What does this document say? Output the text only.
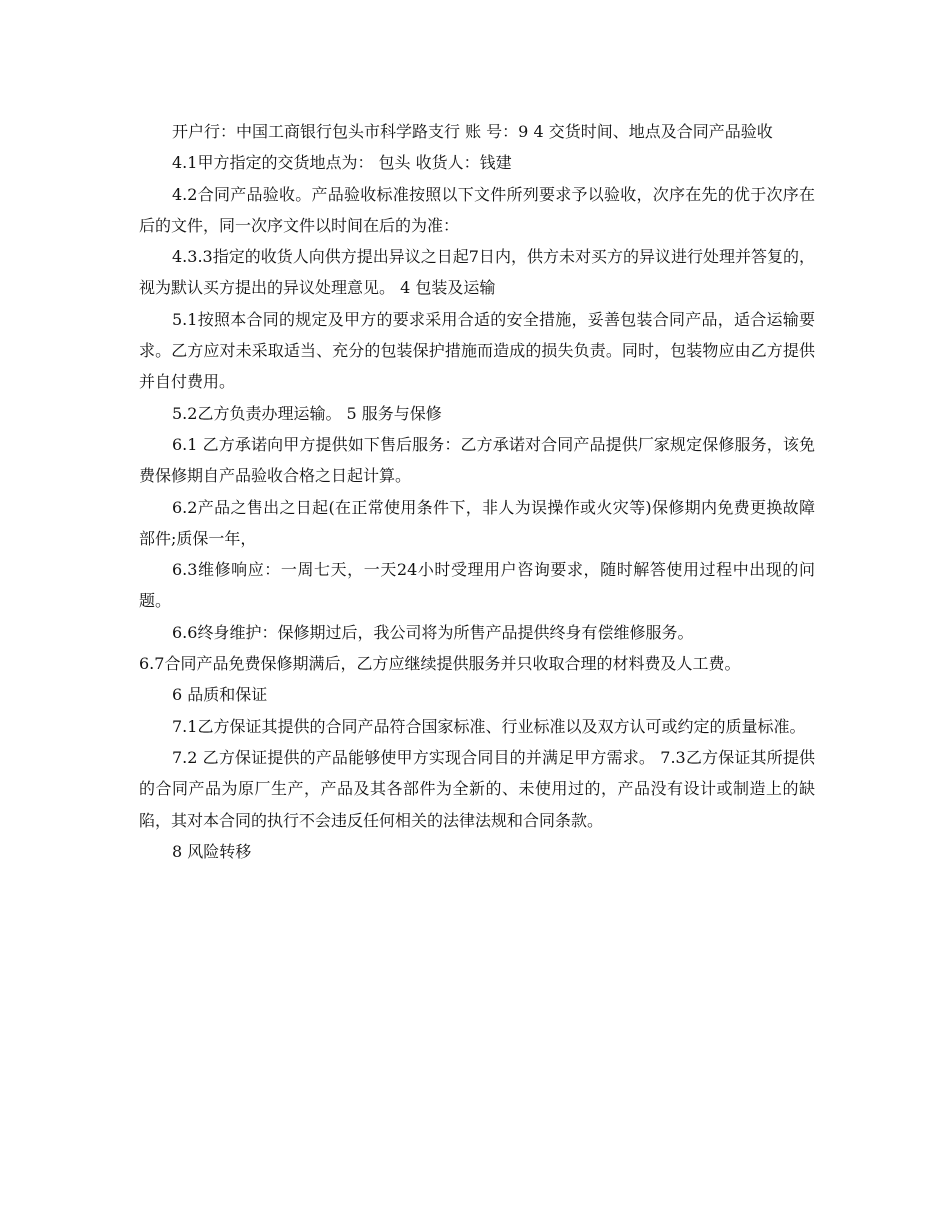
开户行：中国工商银行包头市科学路支行 账 号：9 4 交货时间、地点及合同产品验收

4.1甲方指定的交货地点为： 包头 收货人：钱建

4.2合同产品验收。产品验收标准按照以下文件所列要求予以验收，次序在先的优于次序在后的文件，同一次序文件以时间在后的为准：

4.3.3指定的收货人向供方提出异议之日起7日内，供方未对买方的异议进行处理并答复的，视为默认买方提出的异议处理意见。 4 包装及运输

5.1按照本合同的规定及甲方的要求采用合适的安全措施，妥善包装合同产品，适合运输要求。乙方应对未采取适当、充分的包装保护措施而造成的损失负责。同时，包装物应由乙方提供并自付费用。

5.2乙方负责办理运输。 5 服务与保修

6.1 乙方承诺向甲方提供如下售后服务：乙方承诺对合同产品提供厂家规定保修服务，该免费保修期自产品验收合格之日起计算。

6.2产品之售出之日起(在正常使用条件下，非人为误操作或火灾等)保修期内免费更换故障部件;质保一年，

6.3维修响应：一周七天，一天24小时受理用户咨询要求，随时解答使用过程中出现的问题。

6.6终身维护：保修期过后，我公司将为所售产品提供终身有偿维修服务。

6.7合同产品免费保修期满后，乙方应继续提供服务并只收取合理的材料费及人工费。

6 品质和保证

7.1乙方保证其提供的合同产品符合国家标准、行业标准以及双方认可或约定的质量标准。

7.2 乙方保证提供的产品能够使甲方实现合同目的并满足甲方需求。 7.3乙方保证其所提供的合同产品为原厂生产，产品及其各部件为全新的、未使用过的，产品没有设计或制造上的缺陷，其对本合同的执行不会违反任何相关的法律法规和合同条款。

8 风险转移
